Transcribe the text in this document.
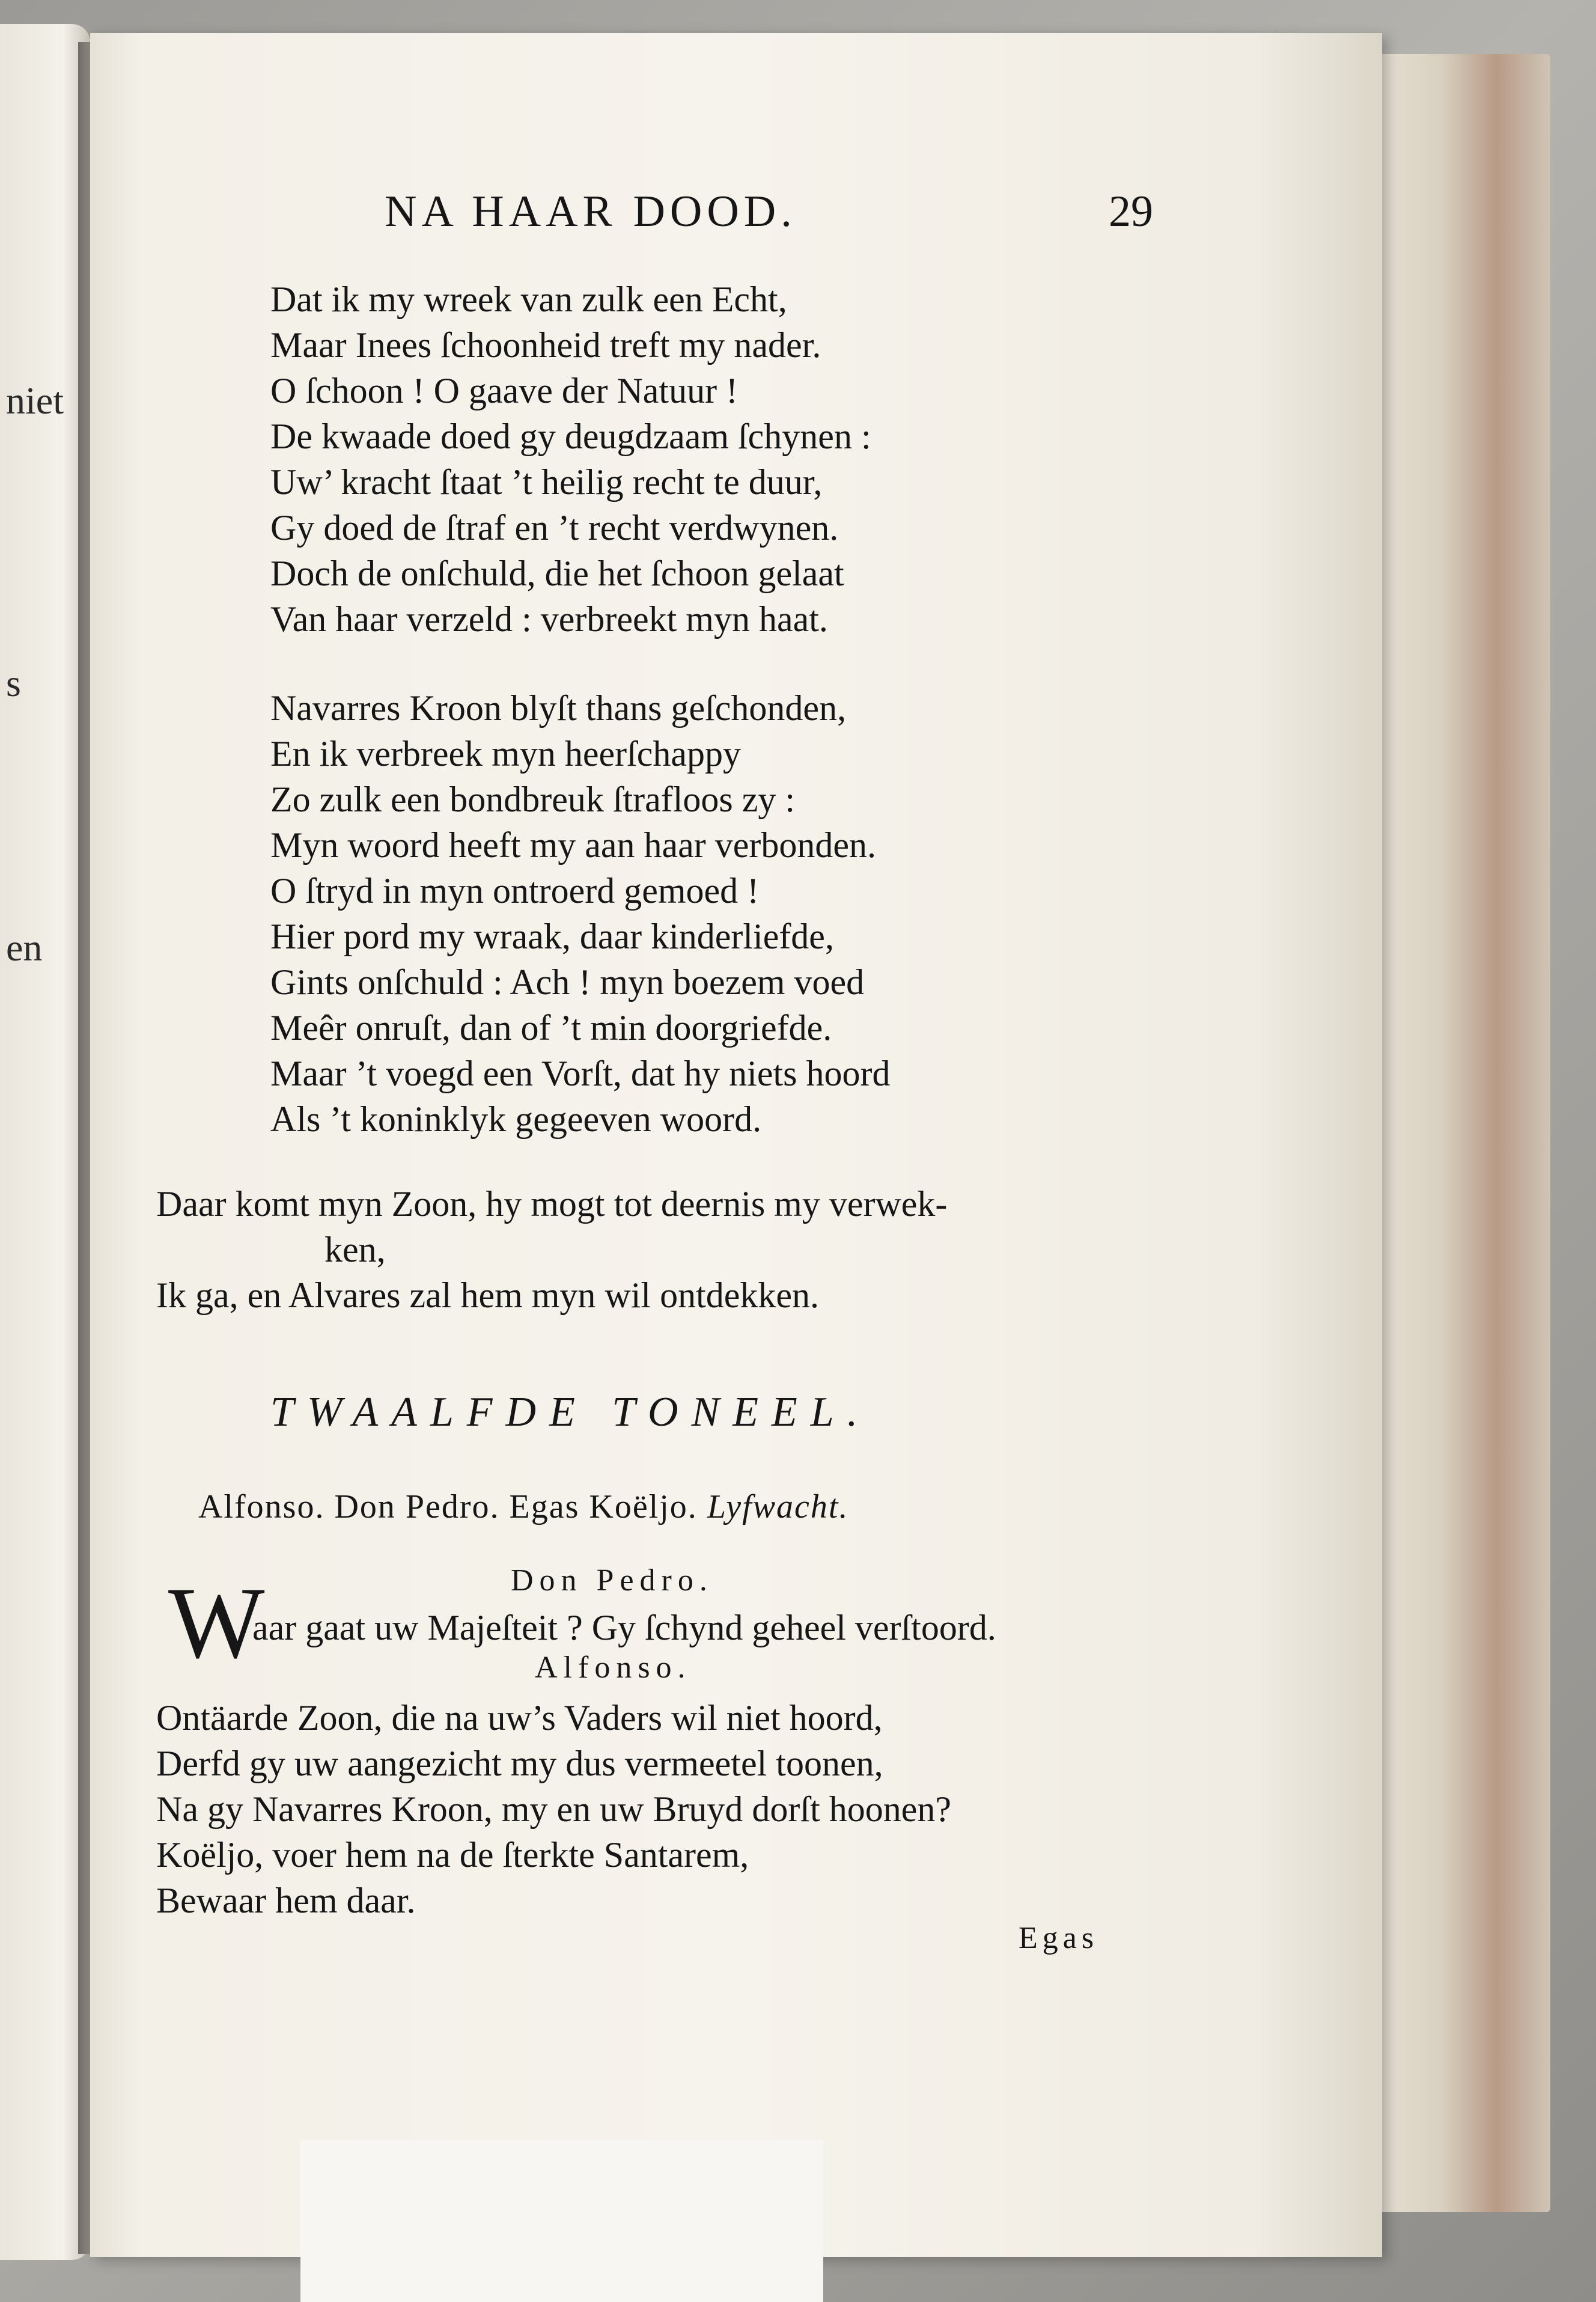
niet
s
en
NA HAAR DOOD.	29
Dat ik my wreek van zulk een Echt,
Maar Inees ſchoonheid treft my nader.
O ſchoon ! O gaave der Natuur !
De kwaade doed gy deugdzaam ſchynen :
Uw’ kracht ſtaat ’t heilig recht te duur,
Gy doed de ſtraf en ’t recht verdwynen.
Doch de onſchuld, die het ſchoon gelaat
Van haar verzeld : verbreekt myn haat.
Navarres Kroon blyſt thans geſchonden,
En ik verbreek myn heerſchappy
Zo zulk een bondbreuk ſtrafloos zy :
Myn woord heeft my aan haar verbonden.
O ſtryd in myn ontroerd gemoed !
Hier pord my wraak, daar kinderliefde,
Gints onſchuld : Ach ! myn boezem voed
Meêr onruſt, dan of ’t min doorgriefde.
Maar ’t voegd een Vorſt, dat hy niets hoord
Als ’t koninklyk gegeeven woord.
Daar komt myn Zoon, hy mogt tot deernis my verwek-
ken,
Ik ga, en Alvares zal hem myn wil ontdekken.
TWAALFDE TONEEL.
Alfonso. Don Pedro. Egas Koëljo. Lyfwacht.
Don Pedro.
W
aar gaat uw Majeſteit ? Gy ſchynd geheel verſtoord.
Alfonso.
Ontäarde Zoon, die na uw’s Vaders wil niet hoord,
Derfd gy uw aangezicht my dus vermeetel toonen,
Na gy Navarres Kroon, my en uw Bruyd dorſt hoonen?
Koëljo, voer hem na de ſterkte Santarem,
Bewaar hem daar.
Egas
